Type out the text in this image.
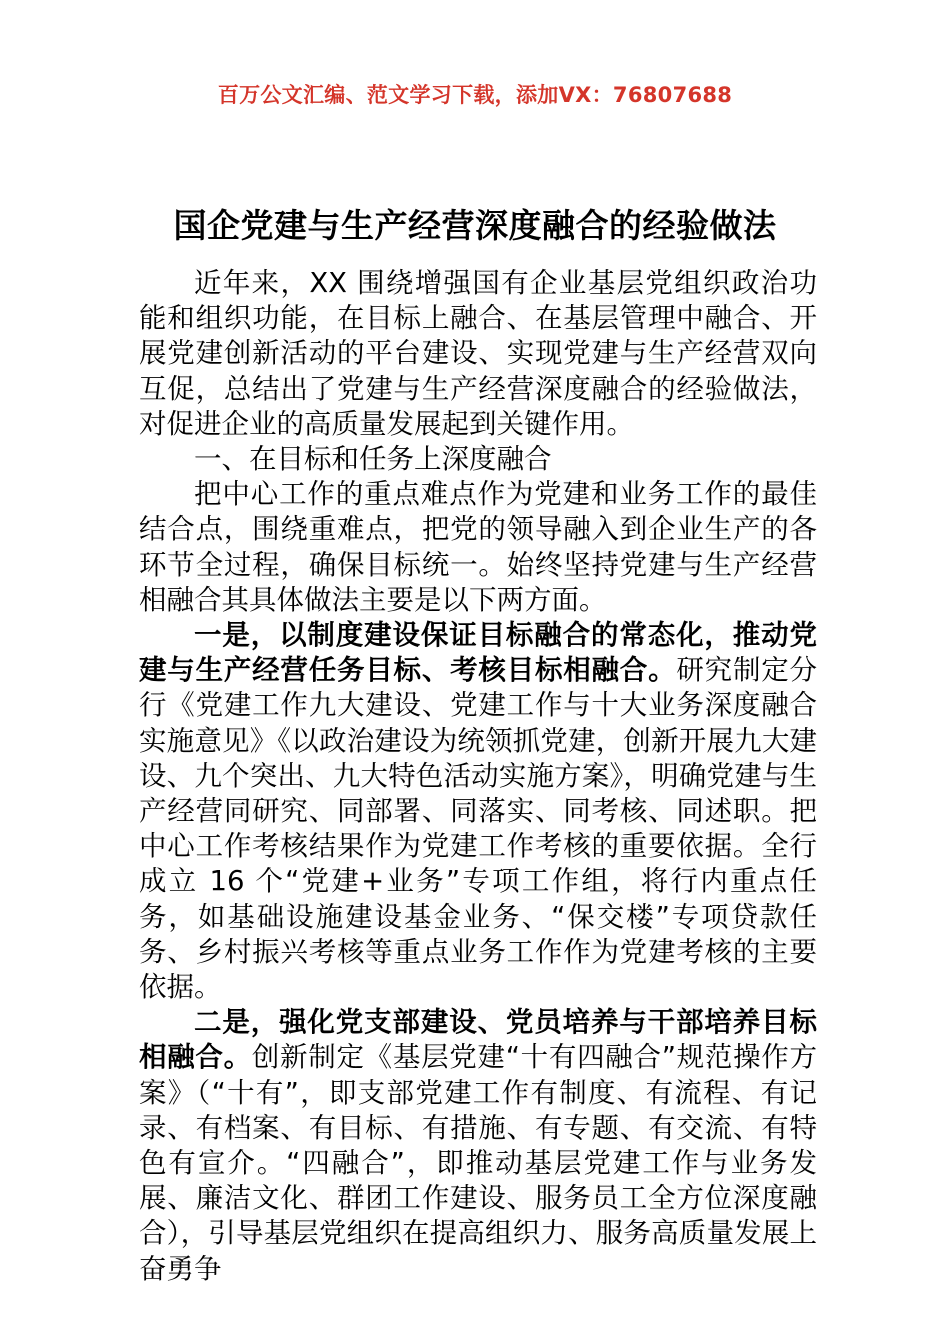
百万公文汇编、范文学习下载，添加VX：76807688
国企党建与生产经营深度融合的经验做法

近年来，XX 围绕增强国有企业基层党组织政治功能和组织功能，在目标上融合、在基层管理中融合、开展党建创新活动的平台建设、实现党建与生产经营双向互促，总结出了党建与生产经营深度融合的经验做法，对促进企业的高质量发展起到关键作用。

一、在目标和任务上深度融合

把中心工作的重点难点作为党建和业务工作的最佳结合点，围绕重难点，把党的领导融入到企业生产的各环节全过程，确保目标统一。始终坚持党建与生产经营相融合其具体做法主要是以下两方面。

一是，以制度建设保证目标融合的常态化，推动党建与生产经营任务目标、考核目标相融合。研究制定分行《党建工作九大建设、党建工作与十大业务深度融合实施意见》《以政治建设为统领抓党建，创新开展九大建设、九个突出、九大特色活动实施方案》，明确党建与生产经营同研究、同部署、同落实、同考核、同述职。把中心工作考核结果作为党建工作考核的重要依据。全行成立 16 个“党建+业务”专项工作组，将行内重点任务，如基础设施建设基金业务、“保交楼”专项贷款任务、乡村振兴考核等重点业务工作作为党建考核的主要依据。

二是，强化党支部建设、党员培养与干部培养目标相融合。创新制定《基层党建“十有四融合”规范操作方案》（“十有”，即支部党建工作有制度、有流程、有记录、有档案、有目标、有措施、有专题、有交流、有特色有宣介。“四融合”，即推动基层党建工作与业务发展、廉洁文化、群团工作建设、服务员工全方位深度融合），引导基层党组织在提高组织力、服务高质量发展上奋勇争
